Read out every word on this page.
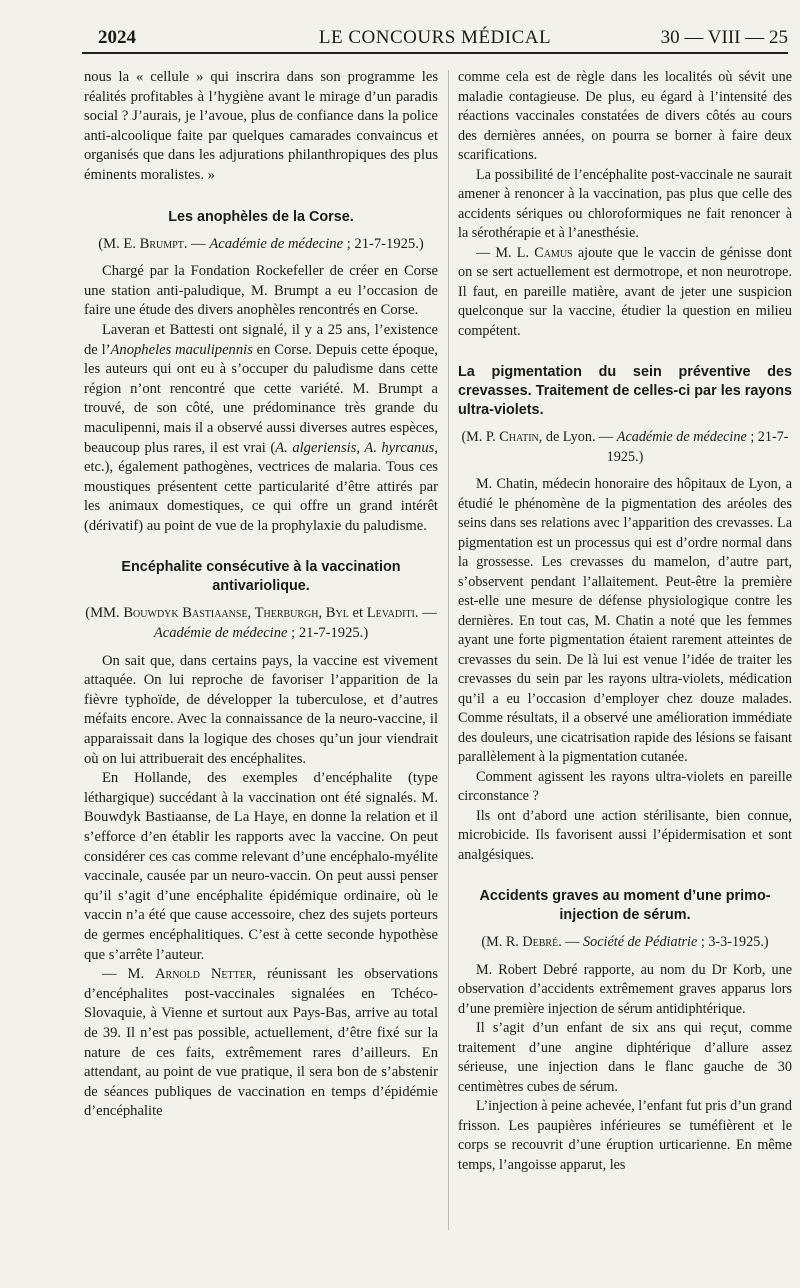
2024	LE CONCOURS MÉDICAL	30 — VIII — 25

nous la « cellule » qui inscrira dans son programme les réalités profitables à l’hygiène avant le mirage d’un paradis social ? J’aurais, je l’avoue, plus de confiance dans la police anti-alcoolique faite par quelques camarades convaincus et organisés que dans les adjurations philanthropiques des plus éminents moralistes. »

Les anophèles de la Corse.

(M. E. Brumpt. — Académie de médecine ; 21-7-1925.)

Chargé par la Fondation Rockefeller de créer en Corse une station anti-paludique, M. Brumpt a eu l’occasion de faire une étude des divers anophèles rencontrés en Corse.

Laveran et Battesti ont signalé, il y a 25 ans, l’existence de l’Anopheles maculipennis en Corse. Depuis cette époque, les auteurs qui ont eu à s’occuper du paludisme dans cette région n’ont rencontré que cette variété. M. Brumpt a trouvé, de son côté, une prédominance très grande du maculipenni, mais il a observé aussi diverses autres espèces, beaucoup plus rares, il est vrai (A. algeriensis, A. hyrcanus, etc.), également pathogènes, vectrices de malaria. Tous ces moustiques présentent cette particularité d’être attirés par les animaux domestiques, ce qui offre un grand intérêt (dérivatif) au point de vue de la prophylaxie du paludisme.

Encéphalite consécutive à la vaccination antivariolique.

(MM. Bouwdyk Bastiaanse, Therburgh, Byl et Levaditi. — Académie de médecine ; 21-7-1925.)

On sait que, dans certains pays, la vaccine est vivement attaquée. On lui reproche de favoriser l’apparition de la fièvre typhoïde, de développer la tuberculose, et d’autres méfaits encore. Avec la connaissance de la neuro-vaccine, il apparaissait dans la logique des choses qu’un jour viendrait où on lui attribuerait des encéphalites.

En Hollande, des exemples d’encéphalite (type léthargique) succédant à la vaccination ont été signalés. M. Bouwdyk Bastiaanse, de La Haye, en donne la relation et il s’efforce d’en établir les rapports avec la vaccine. On peut considérer ces cas comme relevant d’une encéphalo-myélite vaccinale, causée par un neuro-vaccin. On peut aussi penser qu’il s’agit d’une encéphalite épidémique ordinaire, où le vaccin n’a été que cause accessoire, chez des sujets porteurs de germes encéphalitiques. C’est à cette seconde hypothèse que s’arrête l’auteur.

— M. Arnold Netter, réunissant les observations d’encéphalites post-vaccinales signalées en Tchéco-Slovaquie, à Vienne et surtout aux Pays-Bas, arrive au total de 39. Il n’est pas possible, actuellement, d’être fixé sur la nature de ces faits, extrêmement rares d’ailleurs. En attendant, au point de vue pratique, il sera bon de s’abstenir de séances publiques de vaccination en temps d’épidémie d’encéphalite

comme cela est de règle dans les localités où sévit une maladie contagieuse. De plus, eu égard à l’intensité des réactions vaccinales constatées de divers côtés au cours des dernières années, on pourra se borner à faire deux scarifications.

La possibilité de l’encéphalite post-vaccinale ne saurait amener à renoncer à la vaccination, pas plus que celle des accidents sériques ou chloroformiques ne fait renoncer à la sérothérapie et à l’anesthésie.

— M. L. Camus ajoute que le vaccin de génisse dont on se sert actuellement est dermotrope, et non neurotrope. Il faut, en pareille matière, avant de jeter une suspicion quelconque sur la vaccine, étudier la question en milieu compétent.

La pigmentation du sein préventive des crevasses. Traitement de celles-ci par les rayons ultra-violets.

(M. P. Chatin, de Lyon. — Académie de médecine ; 21-7-1925.)

M. Chatin, médecin honoraire des hôpitaux de Lyon, a étudié le phénomène de la pigmentation des aréoles des seins dans ses relations avec l’apparition des crevasses. La pigmentation est un processus qui est d’ordre normal dans la grossesse. Les crevasses du mamelon, d’autre part, s’observent pendant l’allaitement. Peut-être la première est-elle une mesure de défense physiologique contre les dernières. En tout cas, M. Chatin a noté que les femmes ayant une forte pigmentation étaient rarement atteintes de crevasses du sein. De là lui est venue l’idée de traiter les crevasses du sein par les rayons ultra-violets, médication qu’il a eu l’occasion d’employer chez douze malades. Comme résultats, il a observé une amélioration immédiate des douleurs, une cicatrisation rapide des lésions se faisant parallèlement à la pigmentation cutanée.

Comment agissent les rayons ultra-violets en pareille circonstance ?

Ils ont d’abord une action stérilisante, bien connue, microbicide. Ils favorisent aussi l’épidermisation et sont analgésiques.

Accidents graves au moment d’une primo-injection de sérum.

(M. R. Debré. — Société de Pédiatrie ; 3-3-1925.)

M. Robert Debré rapporte, au nom du Dr Korb, une observation d’accidents extrêmement graves apparus lors d’une première injection de sérum antidiphtérique.

Il s’agit d’un enfant de six ans qui reçut, comme traitement d’une angine diphtérique d’allure assez sérieuse, une injection dans le flanc gauche de 30 centimètres cubes de sérum.

L’injection à peine achevée, l’enfant fut pris d’un grand frisson. Les paupières inférieures se tuméfièrent et le corps se recouvrit d’une éruption urticarienne. En même temps, l’angoisse apparut, les
